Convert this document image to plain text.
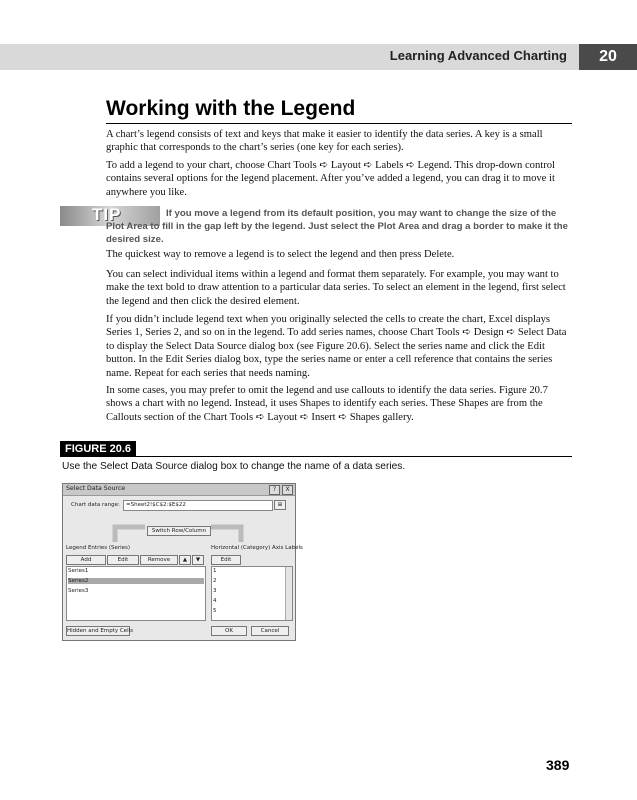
Learning Advanced Charting	20
Working with the Legend

A chart’s legend consists of text and keys that make it easier to identify the data series. A key is a small graphic that corresponds to the chart’s series (one key for each series).

To add a legend to your chart, choose Chart Tools ➪ Layout ➪ Labels ➪ Legend. This drop-down control contains several options for the legend placement. After you’ve added a legend, you can drag it to move it anywhere you like.

TIP	If you move a legend from its default position, you may want to change the size of the Plot Area to fill in the gap left by the legend. Just select the Plot Area and drag a border to make it the desired size.

The quickest way to remove a legend is to select the legend and then press Delete.

You can select individual items within a legend and format them separately. For example, you may want to make the text bold to draw attention to a particular data series. To select an element in the legend, first select the legend and then click the desired element.

If you didn’t include legend text when you originally selected the cells to create the chart, Excel displays Series 1, Series 2, and so on in the legend. To add series names, choose Chart Tools ➪ Design ➪ Select Data to display the Select Data Source dialog box (see Figure 20.6). Select the series name and click the Edit button. In the Edit Series dialog box, type the series name or enter a cell reference that contains the series name. Repeat for each series that needs naming.

In some cases, you may prefer to omit the legend and use callouts to identify the data series. Figure 20.7 shows a chart with no legend. Instead, it uses Shapes to identify each series. These Shapes are from the Callouts section of the Chart Tools ➪ Layout ➪ Insert ➪ Shapes gallery.

FIGURE 20.6
Use the Select Data Source dialog box to change the name of a data series.
Select Data Source	?	X
Chart data range: =Sheet2!$C$2:$E$22	⊞
Switch Row/Column
Legend Entries (Series)	Horizontal (Category) Axis Labels
Add	Edit	Remove	▲	▼	Edit
Series1
Series2
Series3
1
2
3
4
5
Hidden and Empty Cells	OK	Cancel
389
